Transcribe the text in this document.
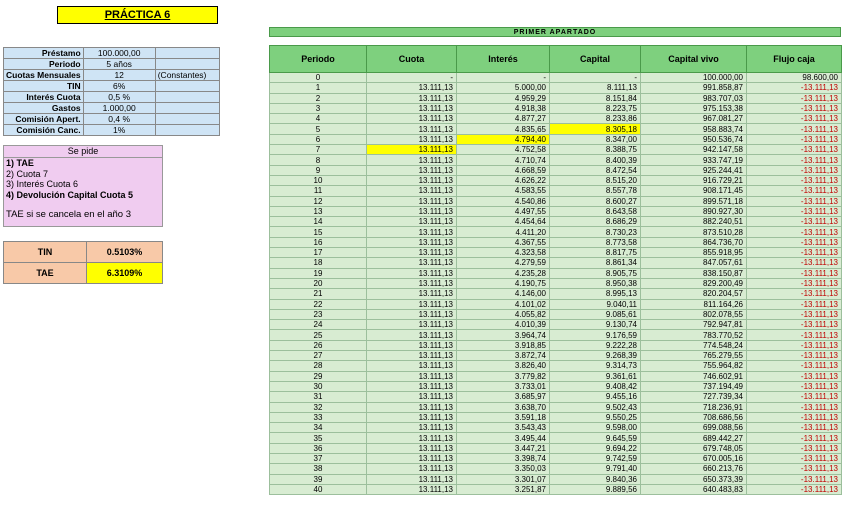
PRÁCTICA 6
Préstamo	100.000,00	
Periodo	5 años	
Cuotas Mensuales	12	(Constantes)
TIN	6%	
Interés Cuota	0,5 %	
Gastos	1.000,00	
Comisión Apert.	0,4 %	
Comisión Canc.	1%	
Se pide
1) TAE
2) Cuota 7
3) Interés Cuota 6
4) Devolución Capital Cuota 5
TAE si se cancela en el año 3
TIN	0.5103%
TAE	6.3109%
PRIMER APARTADO
Periodo	Cuota	Interés	Capital	Capital vivo	Flujo caja
0	-	-	-	100.000,00	98.600,00
1	13.111,13	5.000,00	8.111,13	991.858,87	-13.111,13
2	13.111,13	4.959,29	8.151,84	983.707,03	-13.111,13
3	13.111,13	4.918,38	8.223,75	975.153,38	-13.111,13
4	13.111,13	4.877,27	8.233,86	967.081,27	-13.111,13
5	13.111,13	4.835,65	8.305,18	958.883,74	-13.111,13
6	13.111,13	4.794,40	8.347,00	950.536,74	-13.111,13
7	13.111,13	4.752,58	8.388,75	942.147,58	-13.111,13
8	13.111,13	4.710,74	8.400,39	933.747,19	-13.111,13
9	13.111,13	4.668,59	8.472,54	925.244,41	-13.111,13
10	13.111,13	4.626,22	8.515,20	916.729,21	-13.111,13
11	13.111,13	4.583,55	8.557,78	908.171,45	-13.111,13
12	13.111,13	4.540,86	8.600,27	899.571,18	-13.111,13
13	13.111,13	4.497,55	8.643,58	890.927,30	-13.111,13
14	13.111,13	4.454,64	8.686,29	882.240,51	-13.111,13
15	13.111,13	4.411,20	8.730,23	873.510,28	-13.111,13
16	13.111,13	4.367,55	8.773,58	864.736,70	-13.111,13
17	13.111,13	4.323,58	8.817,75	855.918,95	-13.111,13
18	13.111,13	4.279,59	8.861,34	847.057,61	-13.111,13
19	13.111,13	4.235,28	8.905,75	838.150,87	-13.111,13
20	13.111,13	4.190,75	8.950,38	829.200,49	-13.111,13
21	13.111,13	4.146,00	8.995,13	820.204,57	-13.111,13
22	13.111,13	4.101,02	9.040,11	811.164,26	-13.111,13
23	13.111,13	4.055,82	9.085,61	802.078,55	-13.111,13
24	13.111,13	4.010,39	9.130,74	792.947,81	-13.111,13
25	13.111,13	3.964,74	9.176,59	783.770,52	-13.111,13
26	13.111,13	3.918,85	9.222,28	774.548,24	-13.111,13
27	13.111,13	3.872,74	9.268,39	765.279,55	-13.111,13
28	13.111,13	3.826,40	9.314,73	755.964,82	-13.111,13
29	13.111,13	3.779,82	9.361,61	746.602,91	-13.111,13
30	13.111,13	3.733,01	9.408,42	737.194,49	-13.111,13
31	13.111,13	3.685,97	9.455,16	727.739,34	-13.111,13
32	13.111,13	3.638,70	9.502,43	718.236,91	-13.111,13
33	13.111,13	3.591,18	9.550,25	708.686,56	-13.111,13
34	13.111,13	3.543,43	9.598,00	699.088,56	-13.111,13
35	13.111,13	3.495,44	9.645,59	689.442,27	-13.111,13
36	13.111,13	3.447,21	9.694,22	679.748,05	-13.111,13
37	13.111,13	3.398,74	9.742,59	670.005,16	-13.111,13
38	13.111,13	3.350,03	9.791,40	660.213,76	-13.111,13
39	13.111,13	3.301,07	9.840,36	650.373,39	-13.111,13
40	13.111,13	3.251,87	9.889,56	640.483,83	-13.111,13
